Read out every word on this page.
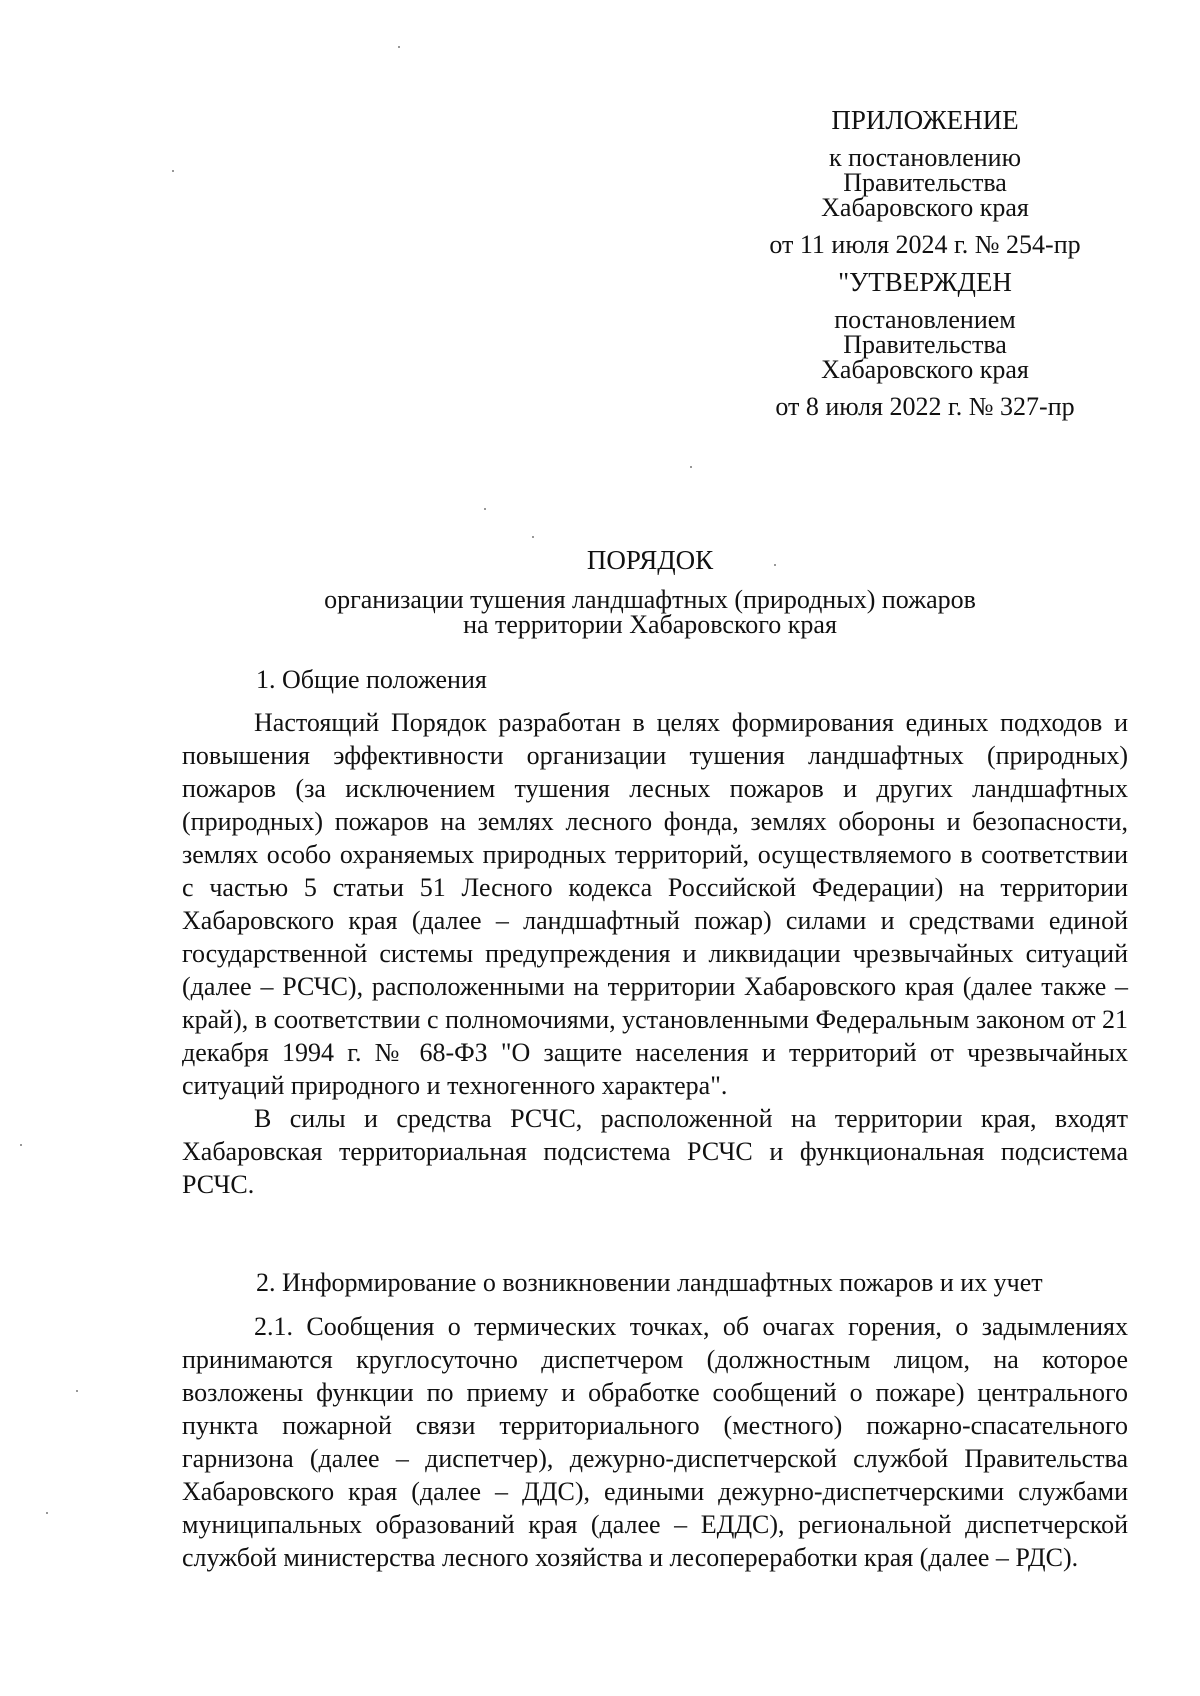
ПРИЛОЖЕНИЕ
к постановлению
Правительства
Хабаровского края
от 11 июля 2024 г. № 254-пр
"УТВЕРЖДЕН
постановлением
Правительства
Хабаровского края
от 8 июля 2022 г. № 327-пр
ПОРЯДОК
организации тушения ландшафтных (природных) пожаров
на территории Хабаровского края
1. Общие положения

Настоящий Порядок разработан в целях формирования единых подходов и повышения эффективности организации тушения ландшафтных (природных) пожаров (за исключением тушения лесных пожаров и других ландшафтных (природных) пожаров на землях лесного фонда, землях обороны и безопасности, землях особо охраняемых природных территорий, осуществляемого в соответствии с частью 5 статьи 51 Лесного кодекса Российской Федерации) на территории Хабаровского края (далее – ландшафтный пожар) силами и средствами единой государственной системы предупреждения и ликвидации чрезвычайных ситуаций (далее – РСЧС), расположенными на территории Хабаровского края (далее также – край), в соответствии с полномочиями, установленными Федеральным законом от 21 декабря 1994 г. № 68-ФЗ "О защите населения и территорий от чрезвычайных ситуаций природного и техногенного характера".

В силы и средства РСЧС, расположенной на территории края, входят Хабаровская территориальная подсистема РСЧС и функциональная подсистема РСЧС.

2. Информирование о возникновении ландшафтных пожаров и их учет

2.1. Сообщения о термических точках, об очагах горения, о задымлениях принимаются круглосуточно диспетчером (должностным лицом, на которое возложены функции по приему и обработке сообщений о пожаре) центрального пункта пожарной связи территориального (местного) пожарно-спасательного гарнизона (далее – диспетчер), дежурно-диспетчерской службой Правительства Хабаровского края (далее – ДДС), едиными дежурно-диспетчерскими службами муниципальных образований края (далее – ЕДДС), региональной диспетчерской службой министерства лесного хозяйства и лесопереработки края (далее – РДС).
